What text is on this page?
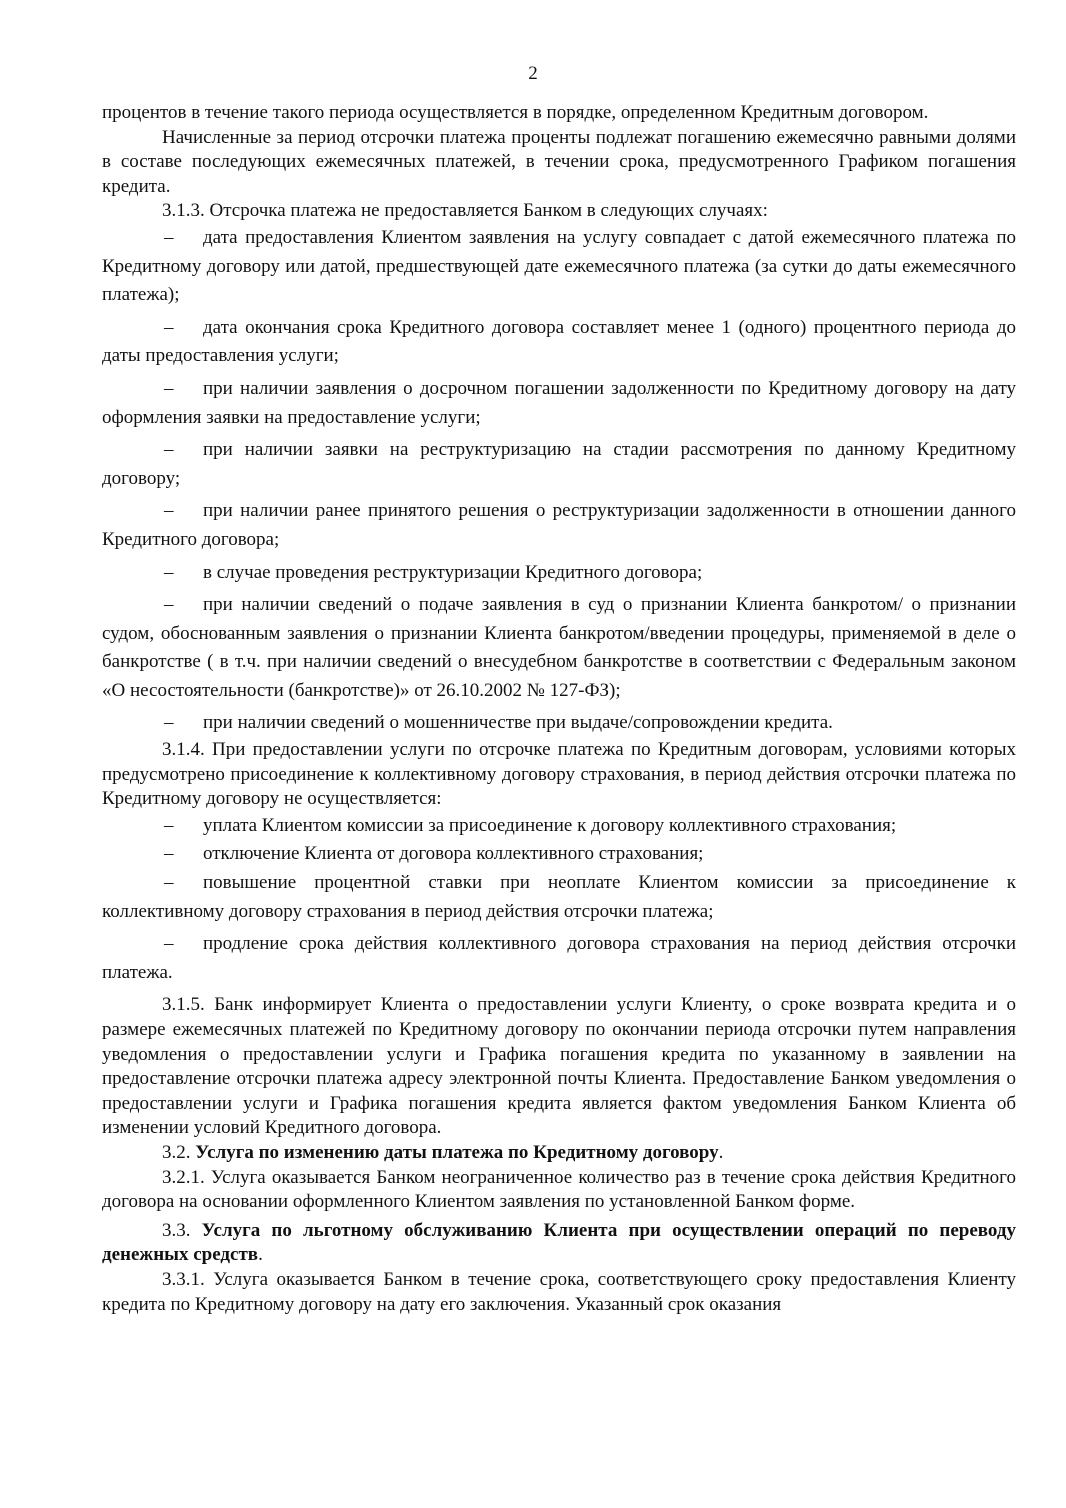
2

процентов в течение такого периода осуществляется в порядке, определенном Кредитным договором.

Начисленные за период отсрочки платежа проценты подлежат погашению ежемесячно равными долями в составе последующих ежемесячных платежей, в течении срока, предусмотренного Графиком погашения кредита.

3.1.3. Отсрочка платежа не предоставляется Банком в следующих случаях:

– дата предоставления Клиентом заявления на услугу совпадает с датой ежемесячного платежа по Кредитному договору или датой, предшествующей дате ежемесячного платежа (за сутки до даты ежемесячного платежа);

– дата окончания срока Кредитного договора составляет менее 1 (одного) процентного периода до даты предоставления услуги;

– при наличии заявления о досрочном погашении задолженности по Кредитному договору на дату оформления заявки на предоставление услуги;

– при наличии заявки на реструктуризацию на стадии рассмотрения по данному Кредитному договору;

– при наличии ранее принятого решения о реструктуризации задолженности в отношении данного Кредитного договора;

– в случае проведения реструктуризации Кредитного договора;

– при наличии сведений о подаче заявления в суд о признании Клиента банкротом/ о признании судом, обоснованным заявления о признании Клиента банкротом/введении процедуры, применяемой в деле о банкротстве ( в т.ч. при наличии сведений о внесудебном банкротстве в соответствии с Федеральным законом «О несостоятельности (банкротстве)» от 26.10.2002 № 127-ФЗ);

– при наличии сведений о мошенничестве при выдаче/сопровождении кредита.

3.1.4. При предоставлении услуги по отсрочке платежа по Кредитным договорам, условиями которых предусмотрено присоединение к коллективному договору страхования, в период действия отсрочки платежа по Кредитному договору не осуществляется:

– уплата Клиентом комиссии за присоединение к договору коллективного страхования;

– отключение Клиента от договора коллективного страхования;

– повышение процентной ставки при неоплате Клиентом комиссии за присоединение к коллективному договору страхования в период действия отсрочки платежа;

– продление срока действия коллективного договора страхования на период действия отсрочки платежа.

3.1.5. Банк информирует Клиента о предоставлении услуги Клиенту, о сроке возврата кредита и о размере ежемесячных платежей по Кредитному договору по окончании периода отсрочки путем направления уведомления о предоставлении услуги и Графика погашения кредита по указанному в заявлении на предоставление отсрочки платежа адресу электронной почты Клиента. Предоставление Банком уведомления о предоставлении услуги и Графика погашения кредита является фактом уведомления Банком Клиента об изменении условий Кредитного договора.

3.2. Услуга по изменению даты платежа по Кредитному договору.

3.2.1. Услуга оказывается Банком неограниченное количество раз в течение срока действия Кредитного договора на основании оформленного Клиентом заявления по установленной Банком форме.

3.3. Услуга по льготному обслуживанию Клиента при осуществлении операций по переводу денежных средств.

3.3.1. Услуга оказывается Банком в течение срока, соответствующего сроку предоставления Клиенту кредита по Кредитному договору на дату его заключения. Указанный срок оказания
